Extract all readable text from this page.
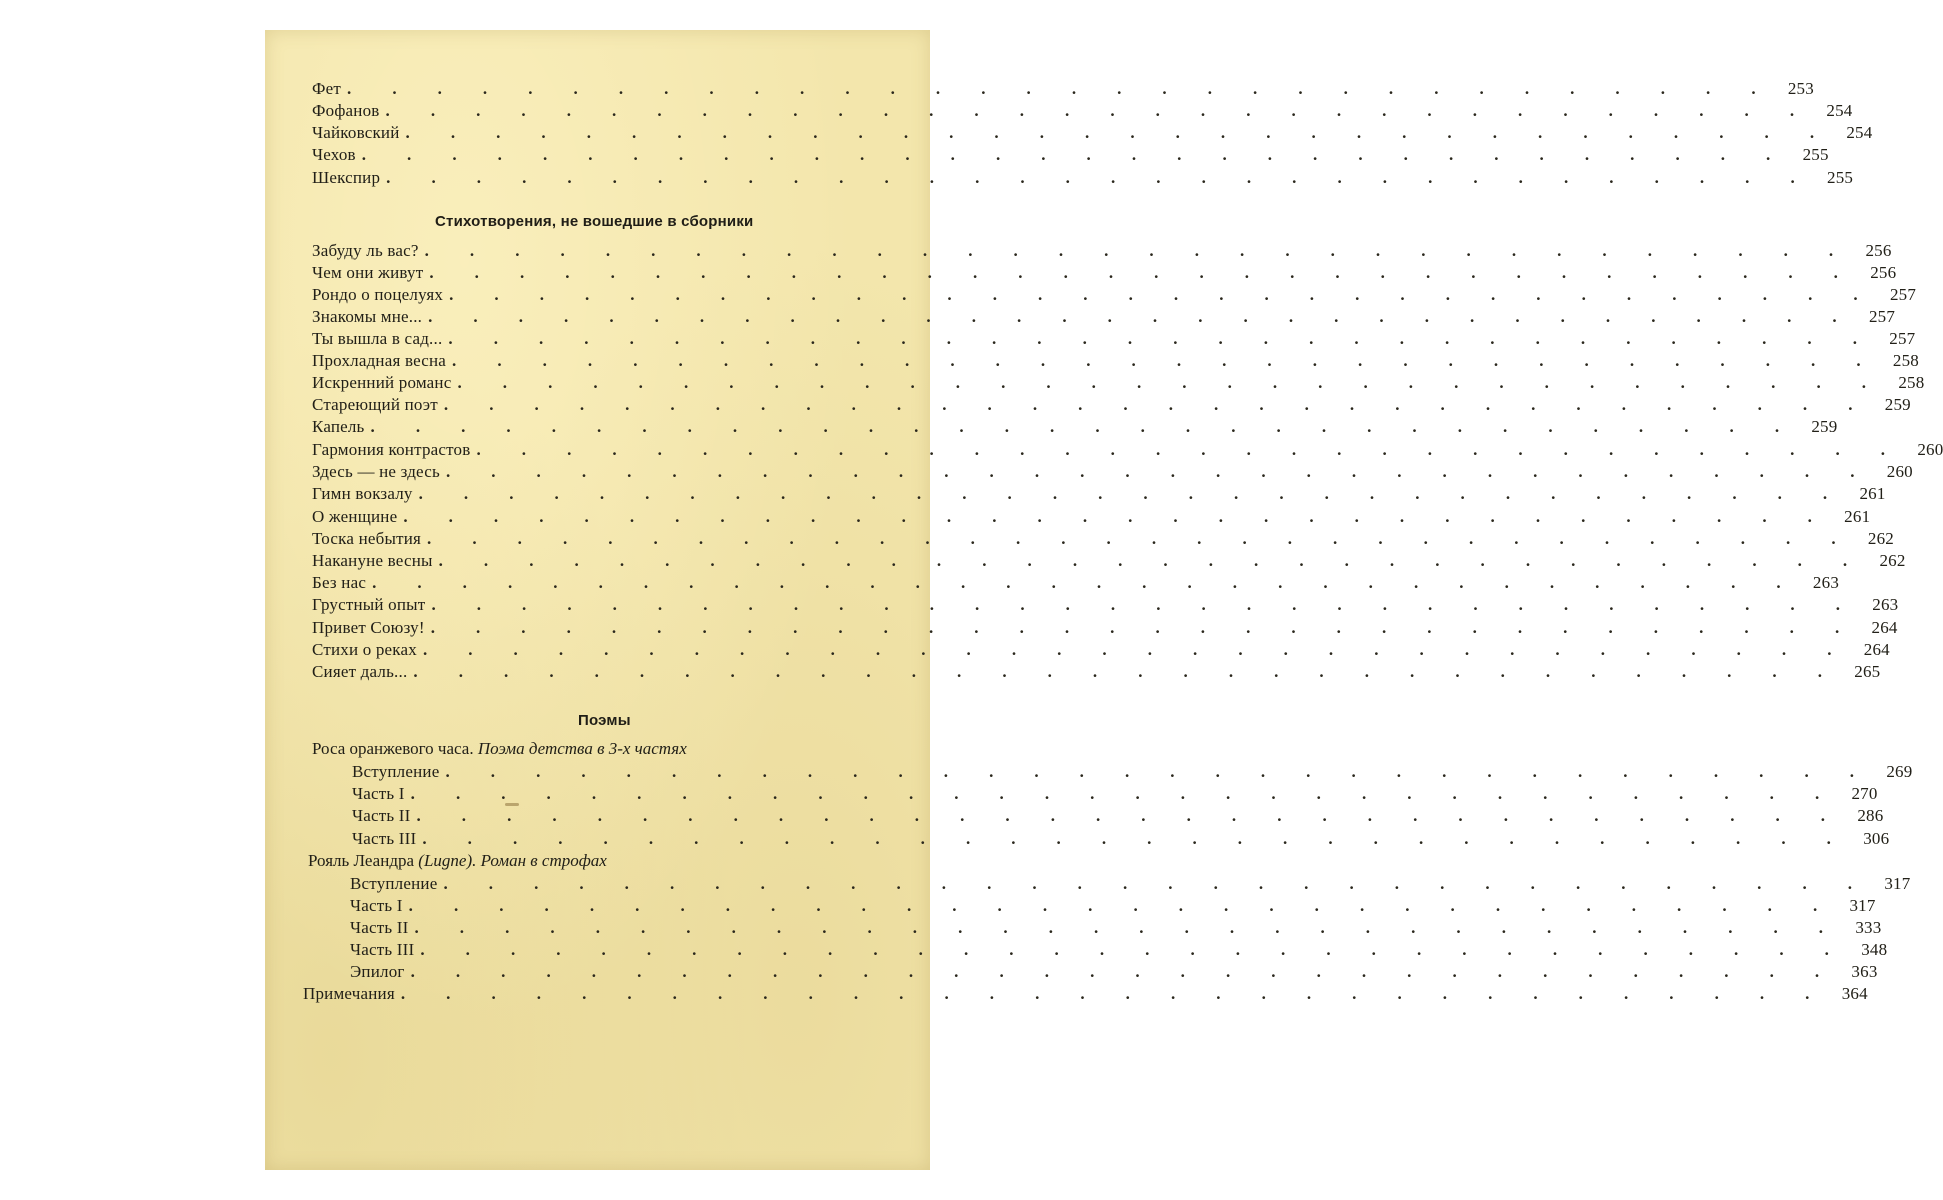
Фет . . . . . . . . . . . . . . . . . . . . . . . . . . . . . . . . 253
Фофанов . . . . . . . . . . . . . . . . . . . . . . . . . . . . . . . . 254
Чайковский . . . . . . . . . . . . . . . . . . . . . . . . . . . . . . . . 254
Чехов . . . . . . . . . . . . . . . . . . . . . . . . . . . . . . . . 255
Шекспир . . . . . . . . . . . . . . . . . . . . . . . . . . . . . . . . 255
Стихотворения, не вошедшие в сборники
Забуду ль вас? . . . . . . . . . . . . . . . . . . . . . . . . . . . . . . . . 256
Чем они живут . . . . . . . . . . . . . . . . . . . . . . . . . . . . . . . . 256
Рондо о поцелуях . . . . . . . . . . . . . . . . . . . . . . . . . . . . . . . . 257
Знакомы мне... . . . . . . . . . . . . . . . . . . . . . . . . . . . . . . . . 257
Ты вышла в сад... . . . . . . . . . . . . . . . . . . . . . . . . . . . . . . . . 257
Прохладная весна . . . . . . . . . . . . . . . . . . . . . . . . . . . . . . . . 258
Искренний романс . . . . . . . . . . . . . . . . . . . . . . . . . . . . . . . . 258
Стареющий поэт . . . . . . . . . . . . . . . . . . . . . . . . . . . . . . . . 259
Капель . . . . . . . . . . . . . . . . . . . . . . . . . . . . . . . . 259
Гармония контрастов . . . . . . . . . . . . . . . . . . . . . . . . . . . . . . . . 260
Здесь — не здесь . . . . . . . . . . . . . . . . . . . . . . . . . . . . . . . . 260
Гимн вокзалу . . . . . . . . . . . . . . . . . . . . . . . . . . . . . . . . 261
О женщине . . . . . . . . . . . . . . . . . . . . . . . . . . . . . . . . 261
Тоска небытия . . . . . . . . . . . . . . . . . . . . . . . . . . . . . . . . 262
Накануне весны . . . . . . . . . . . . . . . . . . . . . . . . . . . . . . . . 262
Без нас . . . . . . . . . . . . . . . . . . . . . . . . . . . . . . . . 263
Грустный опыт . . . . . . . . . . . . . . . . . . . . . . . . . . . . . . . . 263
Привет Союзу! . . . . . . . . . . . . . . . . . . . . . . . . . . . . . . . . 264
Стихи о реках . . . . . . . . . . . . . . . . . . . . . . . . . . . . . . . . 264
Сияет даль... . . . . . . . . . . . . . . . . . . . . . . . . . . . . . . . . 265
Поэмы
Роса оранжевого часа. Поэма детства в 3-х частях
Вступление . . . . . . . . . . . . . . . . . . . . . . . . . . . . . . . . 269
Часть I . . . . . . . . . . . . . . . . . . . . . . . . . . . . . . . . 270
Часть II . . . . . . . . . . . . . . . . . . . . . . . . . . . . . . . . 286
Часть III . . . . . . . . . . . . . . . . . . . . . . . . . . . . . . . . 306
Рояль Леандра (Lugne). Роман в строфах
Вступление . . . . . . . . . . . . . . . . . . . . . . . . . . . . . . . . 317
Часть I . . . . . . . . . . . . . . . . . . . . . . . . . . . . . . . . 317
Часть II . . . . . . . . . . . . . . . . . . . . . . . . . . . . . . . . 333
Часть III . . . . . . . . . . . . . . . . . . . . . . . . . . . . . . . . 348
Эпилог . . . . . . . . . . . . . . . . . . . . . . . . . . . . . . . . 363
Примечания . . . . . . . . . . . . . . . . . . . . . . . . . . . . . . . . 364
